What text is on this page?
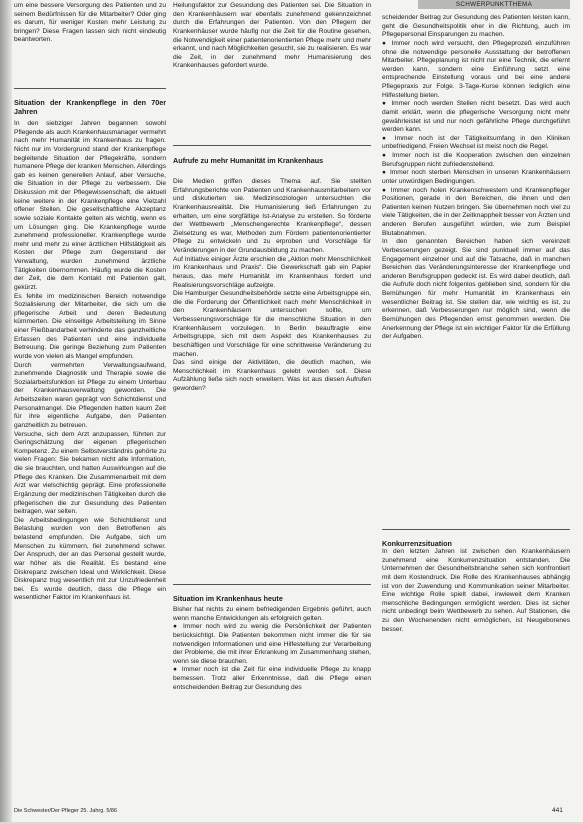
SCHWERPUNKTTHEMA

um eine bessere Versorgung des Patienten und zu seinem Bedürfnissen für die Mitarbeiter? Oder ging es darum, für weniger Kosten mehr Leistung zu bringen? Diese Fragen lassen sich nicht eindeutig beantworten.

Situation der Krankenpflege in den 70er Jahren

In den siebziger Jahren begannen sowohl Pflegende als auch Krankenhausmanager vermehrt nach mehr Humanität im Krankenhaus zu fragen. Nicht nur im Vordergrund stand der Krankenpflege begleitende Situation der Pflegekräfte, sondern humanere Pflege der kranken Menschen. Allerdings gab es keinen generellen Anlauf, aber Versuche, die Situation in der Pflege zu verbessern. Die Diskussion mit der Pflegewissenschaft, die aktuell keine weitere in der Krankenpflege eine Vielzahl offener Stellen. Die gesellschaftliche Akzeptanz sowie soziale Kontakte gelten als wichtig, wenn es um Lösungen ging. Die Krankenpflege wurde zunehmend professioneller. Krankenpflege wurde mehr und mehr zu einer ärztlichen Hilfstätigkeit als Kosten der Pflege zum Gegenstand der Verwaltung, wurden zunehmend ärztliche Tätigkeiten übernommen. Häufig wurde die Kosten der Zeit, die dem Kontakt mit Patienten galt, gekürzt.

Es fehlte im medizinischen Bereich notwendige Sozialisierung der Mitarbeiter, die sich um die pflegerische Arbeit und deren Bedeutung kümmerten. Die einseitige Arbeitsteilung im Sinne einer Fließbandarbeit verhinderte das ganzheitliche Erfassen des Patienten und eine individuelle Betreuung. Die geringe Beziehung zum Patienten wurde von vielen als Mangel empfunden.

Durch vermehrten Verwaltungsaufwand, zunehmende Diagnostik und Therapie sowie die Sozialarbeitsfunktion ist Pflege zu einem Unterbau der Krankenhausverwaltung geworden. Die Arbeitszeiten waren geprägt von Schichtdienst und Personalmangel. Die Pflegenden hatten kaum Zeit für ihre eigentliche Aufgabe, den Patienten ganzheitlich zu betreuen.

Versuche, sich dem Arzt anzupassen, führten zur Geringschätzung der eigenen pflegerischen Kompetenz. Zu einem Selbstverständnis gehörte zu vielen Fragen: Sie bekamen nicht alle Information, die sie brauchten, und hatten Auswirkungen auf die Pflege des Kranken. Die Zusammenarbeit mit dem Arzt war vielschichtig geprägt. Eine professionelle Ergänzung der medizinischen Tätigkeiten durch die pflegerischen die zur Gesundung des Patienten beitragen, war selten.

Die Arbeitsbedingungen wie Schichtdienst und Belastung wurden von den Betroffenen als belastend empfunden. Die Aufgabe, sich um Menschen zu kümmern, fiel zunehmend schwer. Der Anspruch, der an das Personal gestellt wurde, war höher als die Realität. Es bestand eine Diskrepanz zwischen Ideal und Wirklichkeit. Diese Diskrepanz trug wesentlich mit zur Unzufriedenheit bei. Es wurde deutlich, dass die Pflege ein wesentlicher Faktor im Krankenhaus ist.

Heilungsfaktor zur Gesundung des Patienten sei. Die Situation in den Krankenhäusern war ebenfalls zunehmend gekennzeichnet durch die Erfahrungen der Patienten. Von den Pflegern der Krankenhäuser wurde häufig nur die Zeit für die Routine gesehen, die Notwendigkeit einer patientenorientierten Pflege mehr und mehr erkannt, und nach Möglichkeiten gesucht, sie zu realisieren. Es war die Zeit, in der zunehmend mehr Humanisierung des Krankenhauses gefordert wurde.

Aufrufe zu mehr Humanität im Krankenhaus

Die Medien griffen dieses Thema auf. Sie stellten Erfahrungsberichte von Patienten und Krankenhausmitarbeitern vor und diskutierten sie. Medizinsoziologen untersuchten die Krankenhausrealität. Die Humanisierung ließ Erfahrungen zu erhalten, um eine sorgfältige Ist-Analyse zu erstellen. So förderte der Wettbewerb „Menschengerechte Krankenpflege“, dessen Zielsetzung es war, Methoden zum Fördern patientenorientierter Pflege zu entwickeln und zu erproben und Vorschläge für Veränderungen in der Grundausbildung zu machen.

Auf Initiative einiger Ärzte erschien die „Aktion mehr Menschlichkeit im Krankenhaus und Praxis“. Die Gewerkschaft gab ein Papier heraus, das mehr Humanität im Krankenhaus fordert und Realisierungsvorschläge aufzeigte.

Die Hamburger Gesundheitsbehörde setzte eine Arbeitsgruppe ein, die die Forderung der Öffentlichkeit nach mehr Menschlichkeit in den Krankenhäusern untersuchen sollte, um Verbesserungsvorschläge für die menschliche Situation in den Krankenhäusern vorzulegen. In Berlin beauftragte eine Arbeitsgruppe, sich mit dem Aspekt des Krankenhauses zu beschäftigen und Vorschläge für eine schrittweise Veränderung zu machen.

Das sind einige der Aktivitäten, die deutlich machen, wie Menschlichkeit im Krankenhaus gelebt werden soll. Diese Aufzählung ließe sich noch erweitern. Was ist aus diesen Aufrufen geworden?

Situation im Krankenhaus heute

Bisher hat nichts zu einem befriedigenden Ergebnis geführt, auch wenn manche Entwicklungen als erfolgreich gelten.

● Immer noch wird zu wenig die Persönlichkeit der Patienten berücksichtigt. Die Patienten bekommen nicht immer die für sie notwendigen Informationen und eine Hilfestellung zur Verarbeitung der Probleme, die mit ihrer Erkrankung im Zusammenhang stehen, wenn sie diese brauchen.

● Immer noch ist die Zeit für eine individuelle Pflege zu knapp bemessen. Trotz aller Erkenntnisse, daß die Pflege einen entscheidenden Beitrag zur Gesundung des

scheidender Beitrag zur Gesundung des Patienten leisten kann, geht die Gesundheitspolitik eher in die Richtung, auch im Pflegepersonal Einsparungen zu machen.

● Immer noch wird versucht, den Pflegeprozeß einzuführen ohne die notwendige personelle Ausstattung der betroffenen Mitarbeiter. Pflegeplanung ist nicht nur eine Technik, die erlernt werden kann, sondern eine Einführung setzt eine entsprechende Einstellung voraus und bei eine andere Pflegepraxis zur Folge. 3-Tage-Kurse können lediglich eine Hilfestellung bieten.

● Immer noch werden Stellen nicht besetzt. Das wird auch damit erklärt, wenn die pflegerische Versorgung nicht mehr gewährleistet ist und nur noch gefährliche Pflege durchgeführt werden kann.

● Immer noch ist der Tätigkeitsumfang in den Kliniken unbefriedigend. Freien Wechsel ist meist noch die Regel.

● Immer noch ist die Kooperation zwischen den einzelnen Berufsgruppen nicht zufriedenstellend.

● Immer noch sterben Menschen in unseren Krankenhäusern unter unwürdigen Bedingungen.

● Immer noch holen Krankenschwestern und Krankenpfleger Positionen, gerade in den Bereichen, die ihnen und den Patienten keinen Nutzen bringen. Sie übernehmen noch viel zu viele Tätigkeiten, die in der Zeitknappheit besser von Ärzten und anderen Berufen ausgeführt würden, wie zum Beispiel Blutabnahmen.

In den genannten Bereichen haben sich vereinzelt Verbesserungen gezeigt. Sie sind punktuell immer auf das Engagement einzelner und auf die Tatsache, daß in manchen Bereichen das Veränderungsinteresse der Krankenpflege und anderen Berufsgruppen gedeckt ist. Es wird dabei deutlich, daß die Aufrufe doch nicht folgenlos geblieben sind, sondern für die Bemühungen für mehr Humanität im Krankenhaus ein wesentlicher Beitrag ist. Sie stellen dar, wie wichtig es ist, zu erkennen, daß Verbesserungen nur möglich sind, wenn die Bemühungen des Pflegenden ernst genommen werden. Die Anerkennung der Pflege ist ein wichtiger Faktor für die Erfüllung der Aufgaben.

Konkurrenzsituation

In den letzten Jahren ist zwischen den Krankenhäusern zunehmend eine Konkurrenzsituation entstanden. Die Unternehmen der Gesundheitsbranche sehen sich konfrontiert mit dem Kostendruck. Die Rolle des Krankenhauses abhängig ist von der Zuwendung und Kommunikation seiner Mitarbeiter. Eine wichtige Rolle spielt dabei, inwieweit dem Kranken menschliche Bedingungen ermöglicht werden. Dies ist sicher nicht unbedingt beim Wettbewerb zu sehen. Auf Stationen, die zu den Wochenenden nicht ermöglichen, ist Neugeborenes besser.

Die Schwester/Der Pfleger 25. Jahrg. 5/86	441
